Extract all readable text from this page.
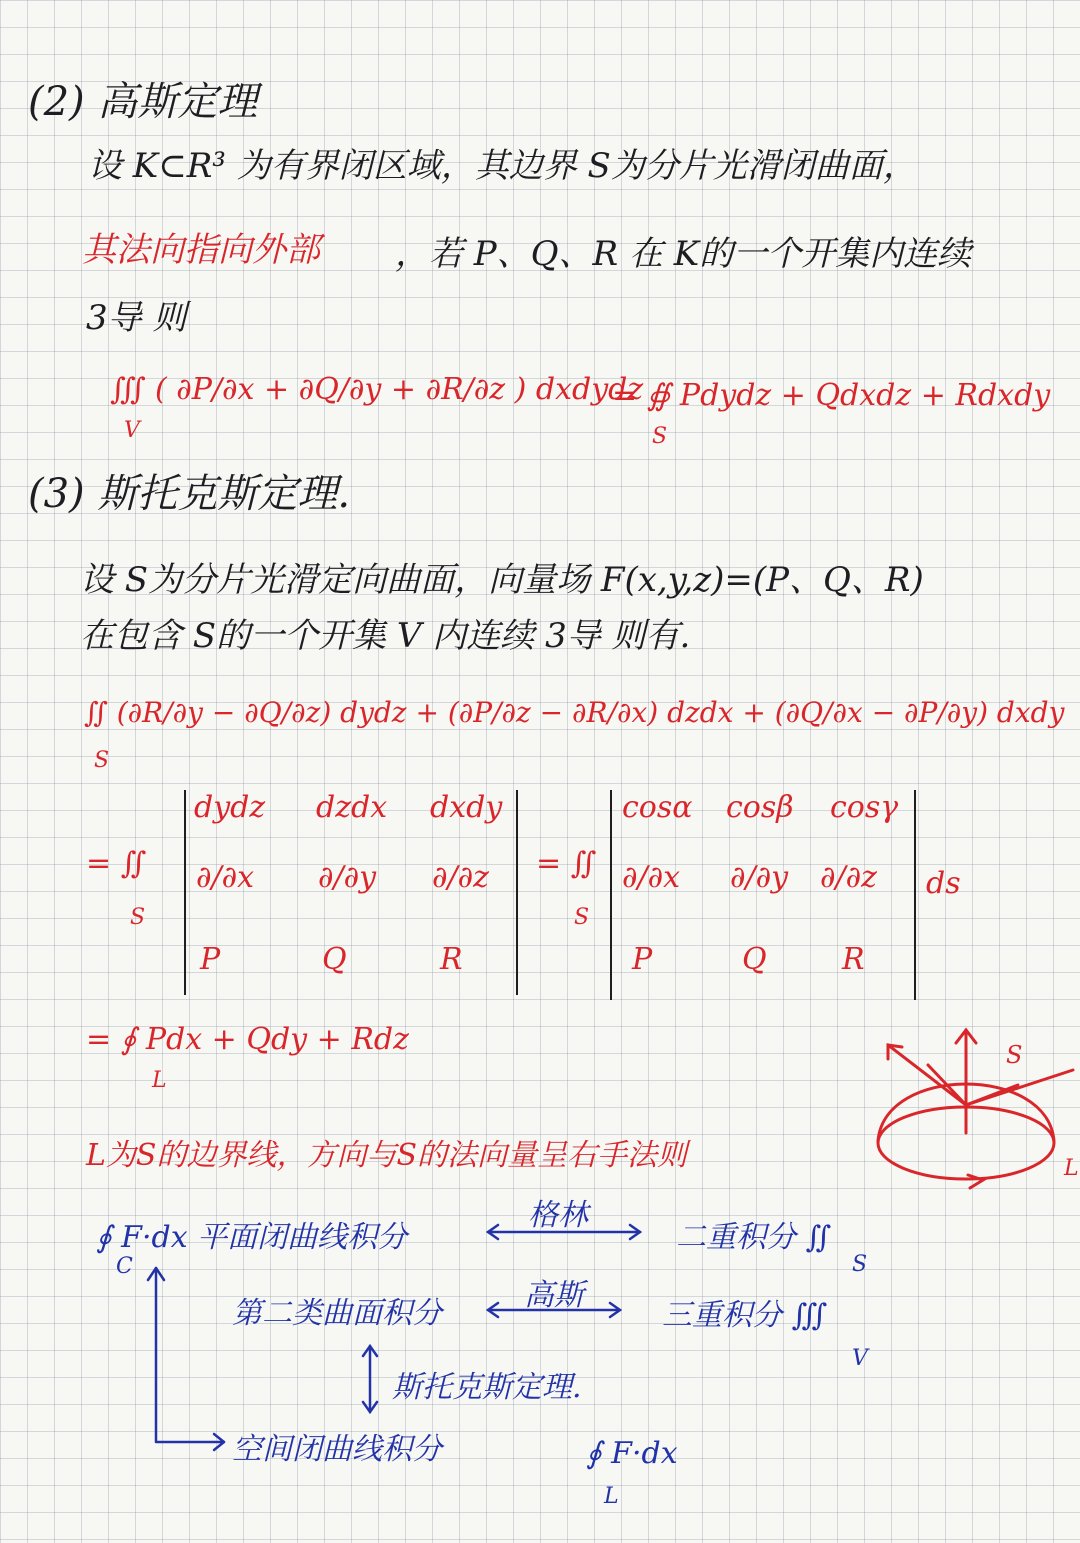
(2) 高斯定理
设 K⊂R³ 为有界闭区域，其边界 S为分片光滑闭曲面，
其法向指向外部 ，若 P、Q、R 在 K的一个开集内连续
3导 则
∭ ( ∂P/∂x + ∂Q/∂y + ∂R/∂z ) dxdydz
V
= ∯ Pdydz + Qdxdz + Rdxdy
S
(3) 斯托克斯定理.
设 S为分片光滑定向曲面，向量场 F(x,y,z)=(P、Q、R)
在包含 S的一个开集 V 内连续 3导 则有.
∬ (∂R/∂y − ∂Q/∂z) dydz + (∂P/∂z − ∂R/∂x) dzdx + (∂Q/∂x − ∂P/∂y) dxdy
S
= ∬
S
dydz dzdx dxdy
∂/∂x ∂/∂y ∂/∂z
P	Q	R
= ∬
S
cosα cosβ cosγ
∂/∂x ∂/∂y ∂/∂z
P	Q	R
ds
= ∮ Pdx + Qdy + Rdz
L
L为S的边界线，方向与S的法向量呈右手法则
S
L
∮ F·dx 平面闭曲线积分
C
格林
二重积分 ∬
S
第二类曲面积分
高斯
三重积分 ∭
V
斯托克斯定理.
空间闭曲线积分	∮ F·dx
L
